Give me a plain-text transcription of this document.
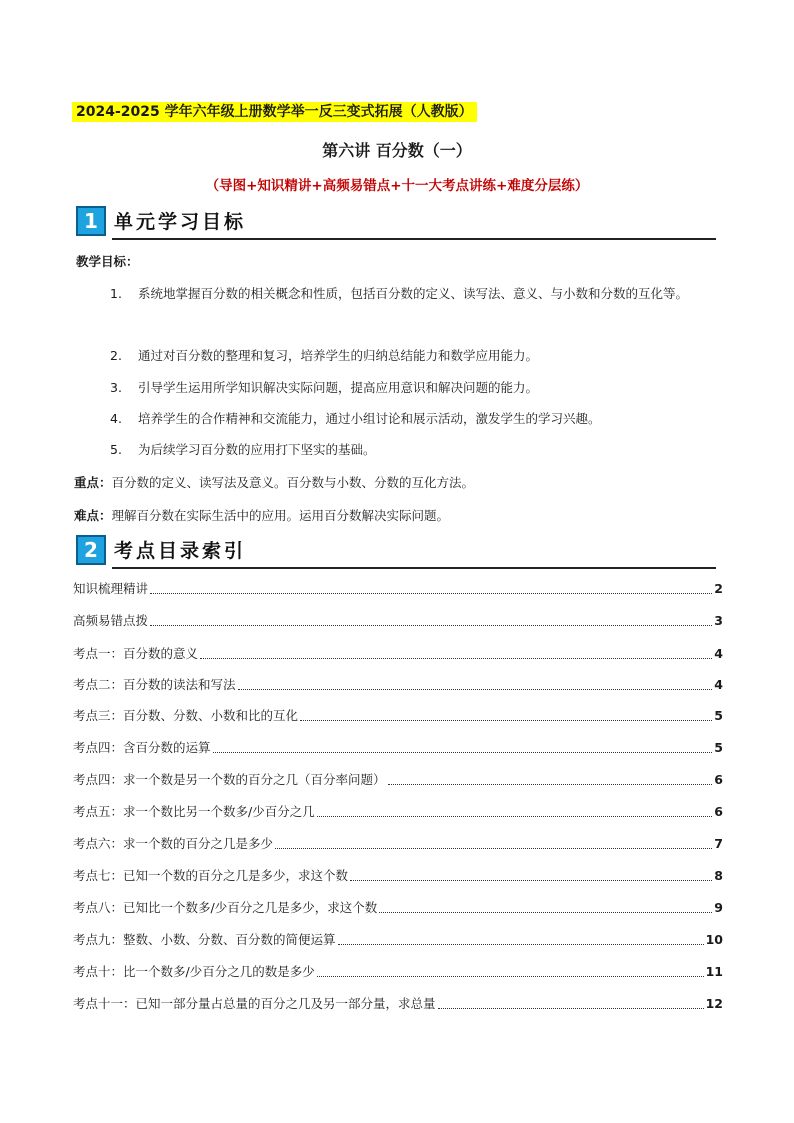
2024-2025 学年六年级上册数学举一反三变式拓展（人教版）
第六讲 百分数（一）
（导图+知识精讲+高频易错点+十一大考点讲练+难度分层练）
1 单元学习目标
教学目标：
1.	系统地掌握百分数的相关概念和性质，包括百分数的定义、读写法、意义、与小数和分数的互化等。
2.	通过对百分数的整理和复习，培养学生的归纳总结能力和数学应用能力。
3.	引导学生运用所学知识解决实际问题，提高应用意识和解决问题的能力。
4.	培养学生的合作精神和交流能力，通过小组讨论和展示活动，激发学生的学习兴趣。
5.	为后续学习百分数的应用打下坚实的基础。
重点：百分数的定义、读写法及意义。百分数与小数、分数的互化方法。
难点：理解百分数在实际生活中的应用。运用百分数解决实际问题。
2 考点目录索引
知识梳理精讲	2
高频易错点拨	3
考点一：百分数的意义	4
考点二：百分数的读法和写法	4
考点三：百分数、分数、小数和比的互化	5
考点四：含百分数的运算	5
考点四：求一个数是另一个数的百分之几（百分率问题）	6
考点五：求一个数比另一个数多/少百分之几	6
考点六：求一个数的百分之几是多少	7
考点七：已知一个数的百分之几是多少，求这个数	8
考点八：已知比一个数多/少百分之几是多少，求这个数	9
考点九：整数、小数、分数、百分数的简便运算	10
考点十：比一个数多/少百分之几的数是多少	11
考点十一：已知一部分量占总量的百分之几及另一部分量，求总量	12
